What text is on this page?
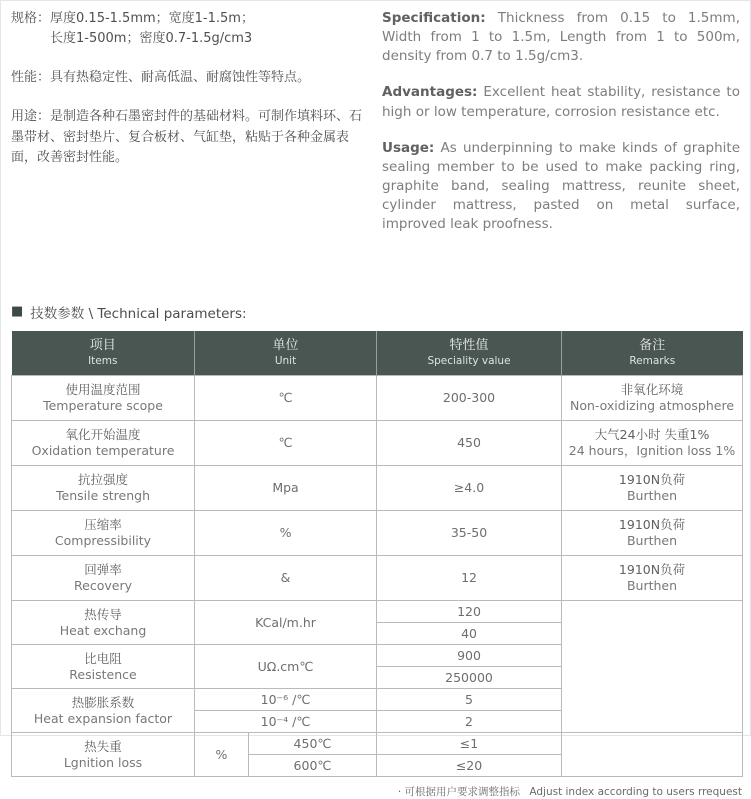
规格： 厚度0.15-1.5mm；宽度1-1.5m；
长度1-500m；密度0.7-1.5g/cm3
性能： 具有热稳定性、耐高低温、耐腐蚀性等特点。
用途：是制造各种石墨密封件的基础材料。可制作填料环、石墨带材、密封垫片、复合板材、气缸垫，粘贴于各种金属表面，改善密封性能。

Specification: Thickness from 0.15 to 1.5mm, Width from 1 to 1.5m, Length from 1 to 500m, density from 0.7 to 1.5g/cm3.

Advantages: Excellent heat stability, resistance to high or low temperature, corrosion resistance etc.

Usage: As underpinning to make kinds of graphite sealing member to be used to make packing ring, graphite band, sealing mattress, reunite sheet, cylinder mattress, pasted on metal surface, improved leak proofness.

■ 技数参数 \ Technical parameters:
项目
Items	单位
Unit		特性值
Speciality value	备注
Remarks

使用温度范围
Temperature scope	℃		200-300	非氧化环境
Non-oxidizing atmosphere

氧化开始温度
Oxidation temperature	℃		450	大气24小时 失重1%
24 hours，Ignition loss 1%

抗拉强度
Tensile strengh	Mpa		≥4.0	1910N负荷
Burthen

压缩率
Compressibility	%		35-50	1910N负荷
Burthen

回弹率
Recovery	&		12	1910N负荷
Burthen

热传导
Heat exchang	KCal/m.hr		120	

			40	

比电阻
Resistence	UΩ.cm℃		900	

			250000	

热膨胀系数
Heat expansion factor	10⁻⁶ /℃		5	

	10⁻⁴ /℃		2	

热失重
Lgnition loss	%	450℃	≤1	

		600℃	≤20	
· 可根据用户要求调整指标 Adjust index according to users rrequest
